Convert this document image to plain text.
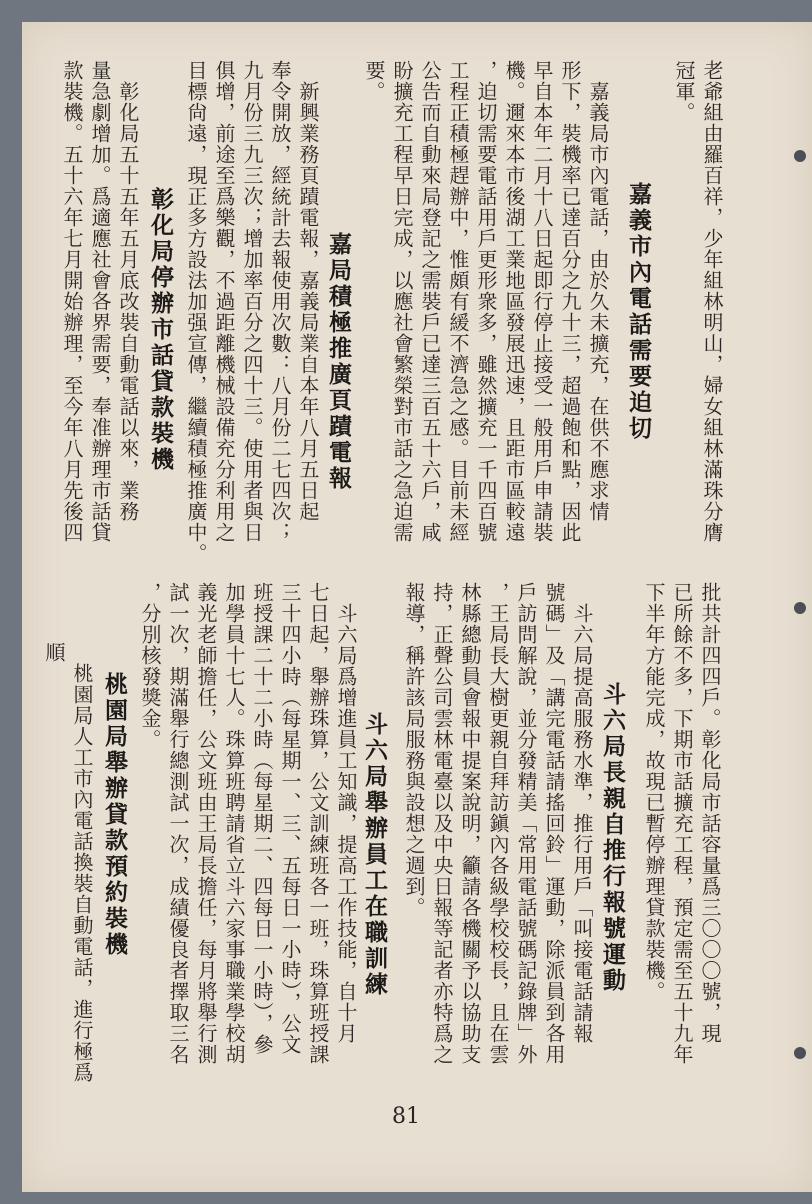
老爺組由羅百祥，少年組林明山，婦女組林滿珠分膺
冠軍。
嘉義市內電話需要迫切
　嘉義局市內電話，由於久未擴充，在供不應求情
形下，裝機率已達百分之九十三，超過飽和點，因此
早自本年二月十八日起即行停止接受一般用戶申請裝
機。邇來本市後湖工業地區發展迅速，且距市區較遠
，迫切需要電話用戶更形衆多，雖然擴充一千四百號
工程正積極趕辦中，惟頗有緩不濟急之感。目前未經
公告而自動來局登記之需裝戶已達三百五十六戶，咸
盼擴充工程早日完成，以應社會繁榮對市話之急迫需
要。
嘉局積極推廣頁蹟電報
　新興業務頁蹟電報，嘉義局業自本年八月五日起
奉令開放，經統計去報使用次數：八月份二七四次；
九月份三九三次；增加率百分之四十三。使用者與日
俱增，前途至爲樂觀，不過距離機械設備充分利用之
目標尙遠，現正多方設法加强宣傳，繼續積極推廣中。
彰化局停辦市話貸款裝機
　彰化局五十五年五月底改裝自動電話以來，業務
量急劇增加。爲適應社會各界需要，奉准辦理市話貸
款裝機。五十六年七月開始辦理，至今年八月先後四
批共計四四戶。彰化局市話容量爲三〇〇〇號，現
已所餘不多，下期市話擴充工程，預定需至五十九年
下半年方能完成，故現已暫停辦理貸款裝機。
斗六局長親自推行報號運動
　斗六局提高服務水準，推行用戶「叫接電話請報
號碼」及「講完電話請搖回鈴」運動，除派員到各用
戶訪問解說，並分發精美「常用電話號碼記錄牌」外
，王局長大樹更親自拜訪鎭內各級學校校長，且在雲
林縣總動員會報中提案說明，籲請各機關予以協助支
持，正聲公司雲林電臺以及中央日報等記者亦特爲之
報導，稱許該局服務與設想之週到。
斗六局舉辦員工在職訓練
　斗六局爲增進員工知識，提高工作技能，自十月
七日起，舉辦珠算，公文訓練班各一班，珠算班授課
三十四小時（每星期一、三、五每日一小時），公文
班授課二十二小時（每星期二、四每日一小時），參
加學員十七人。珠算班聘請省立斗六家事職業學校胡
義光老師擔任，公文班由王局長擔任，每月將舉行測
試一次，期滿舉行總測試一次，成績優良者擇取三名
，分別核發獎金。
桃園局舉辦貸款預約裝機
　桃園局人工市內電話換裝自動電話，進行極爲順
81
